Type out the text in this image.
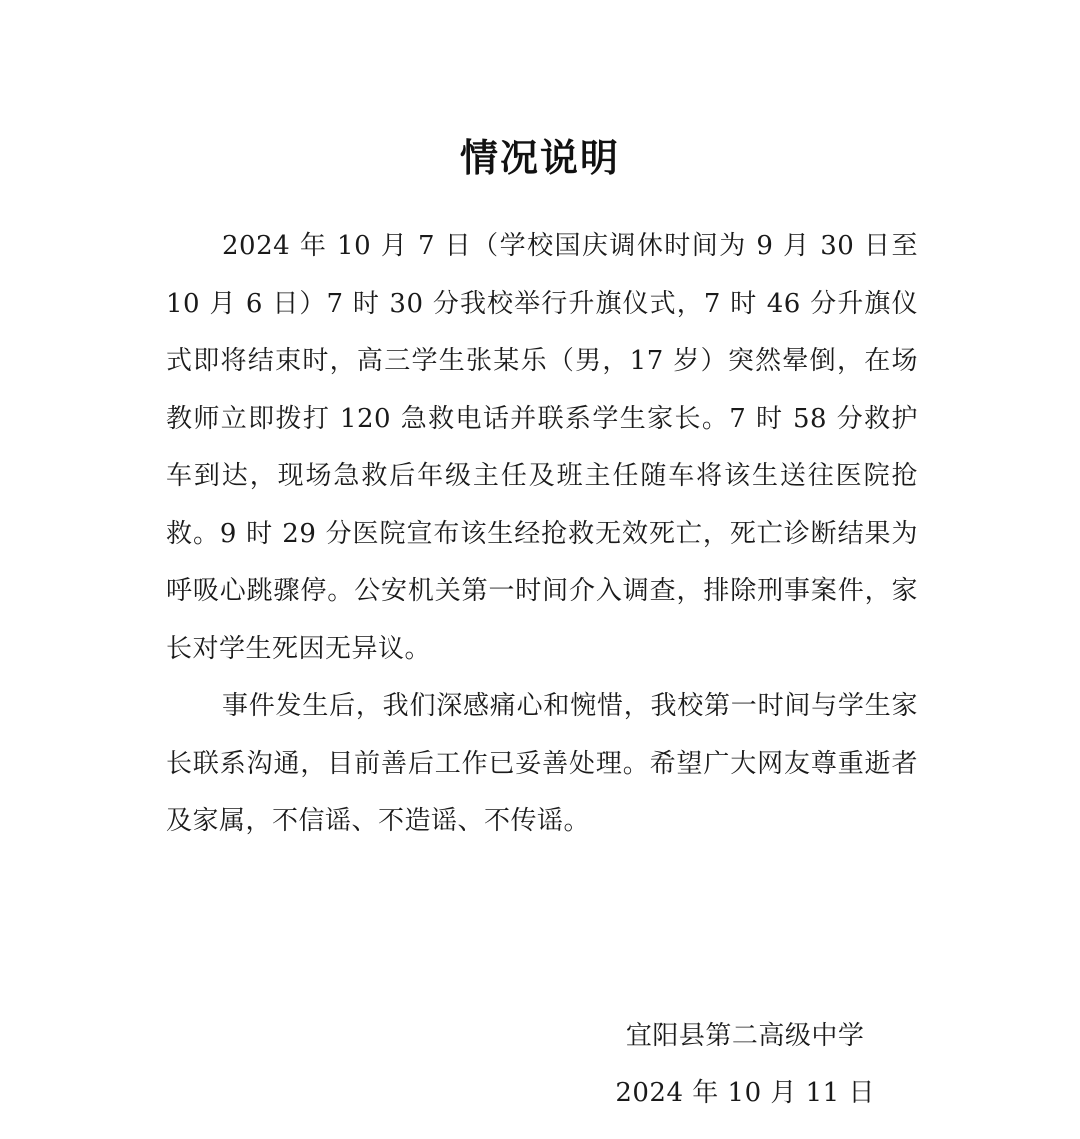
情况说明

2024 年 10 月 7 日（学校国庆调休时间为 9 月 30 日至 10 月 6 日）7 时 30 分我校举行升旗仪式，7 时 46 分升旗仪式即将结束时，高三学生张某乐（男，17 岁）突然晕倒，在场教师立即拨打 120 急救电话并联系学生家长。7 时 58 分救护车到达，现场急救后年级主任及班主任随车将该生送往医院抢救。9 时 29 分医院宣布该生经抢救无效死亡，死亡诊断结果为呼吸心跳骤停。公安机关第一时间介入调查，排除刑事案件，家长对学生死因无异议。

事件发生后，我们深感痛心和惋惜，我校第一时间与学生家长联系沟通，目前善后工作已妥善处理。希望广大网友尊重逝者及家属，不信谣、不造谣、不传谣。

宜阳县第二高级中学
2024 年 10 月 11 日
